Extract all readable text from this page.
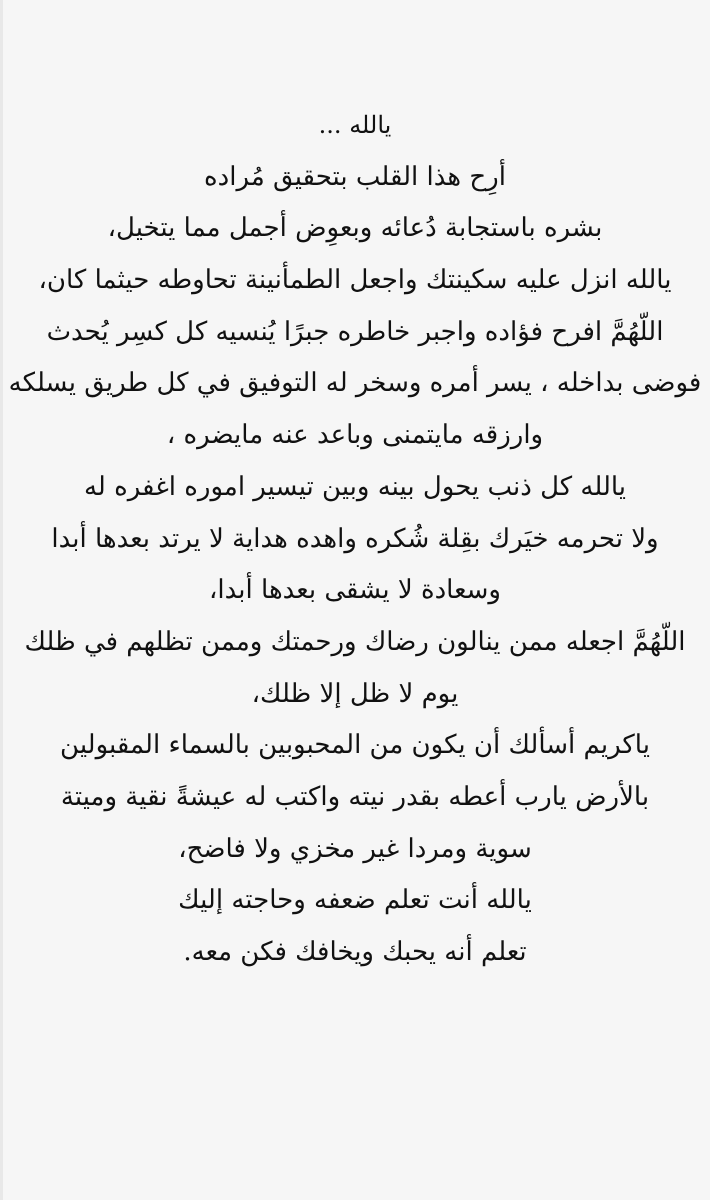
يالله ...
أرِح هذا القلب بتحقيق مُراده
بشره باستجابة دُعائه وبعوِض أجمل مما يتخيل،
يالله انزل عليه سكينتك واجعل الطمأنينة تحاوطه حيثما كان،
اللّهُمَّ افرح فؤاده واجبر خاطره جبرًا يُنسيه كل كسِر يُحدث
فوضى بداخله ، يسر أمره وسخر له التوفيق في كل طريق يسلكه
وارزقه مايتمنى وباعد عنه مايضره ،
يالله كل ذنب يحول بينه وبين تيسير اموره اغفره له
ولا تحرمه خيَرك بقِلة شُكره واهده هداية لا يرتد بعدها أبدا
وسعادة لا يشقى بعدها أبدا،
اللّهُمَّ اجعله ممن ينالون رضاك ورحمتك وممن تظلهم في ظلك
يوم لا ظل إلا ظلك،
ياكريم أسألك أن يكون من المحبوبين بالسماء المقبولين
بالأرض يارب أعطه بقدر نيته واكتب له عيشةً نقية وميتة
سوية ومردا غير مخزي ولا فاضح،
يالله أنت تعلم ضعفه وحاجته إليك
تعلم أنه يحبك ويخافك فكن معه.
